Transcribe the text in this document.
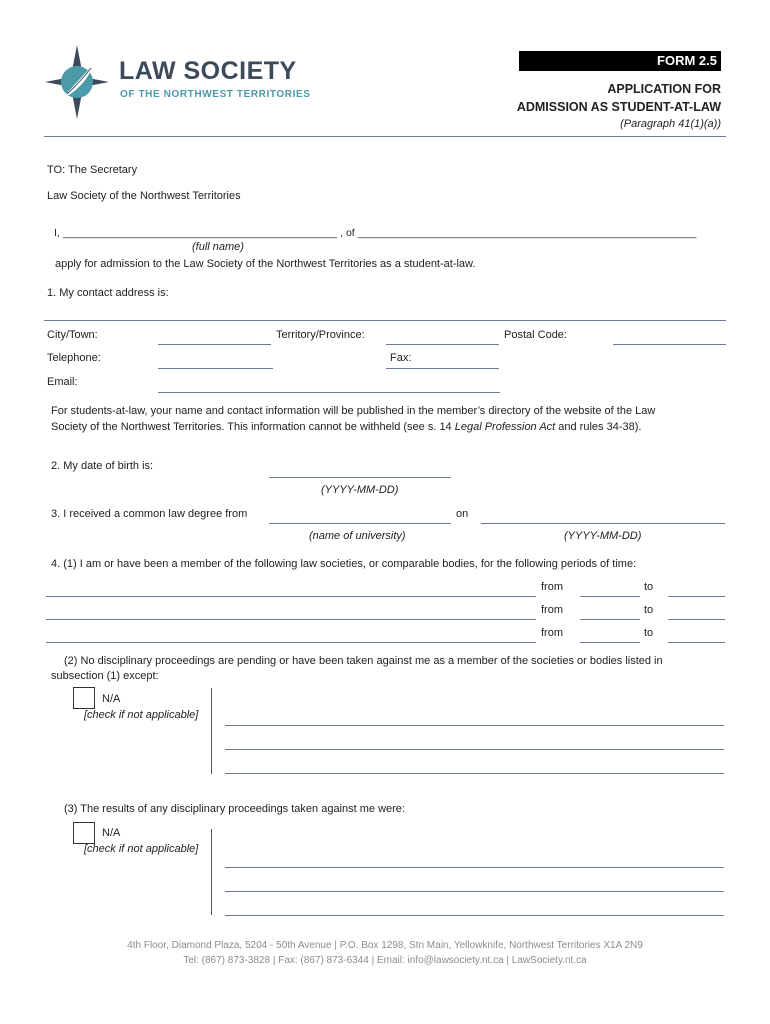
LAW SOCIETY
OF THE NORTHWEST TERRITORIES
FORM 2.5
APPLICATION FOR
ADMISSION AS STUDENT-AT-LAW
(Paragraph 41(1)(a))
TO: The Secretary
Law Society of the Northwest Territories
I, _______________________________________________ , of __________________________________________________________
(full name)
apply for admission to the Law Society of the Northwest Territories as a student-at-law.
1. My contact address is:
City/Town:	Territory/Province:	Postal Code:
Telephone:	Fax:
Email:
For students-at-law, your name and contact information will be published in the member’s directory of the website of the Law
Society of the Northwest Territories. This information cannot be withheld (see s. 14 Legal Profession Act and rules 34-38).
2. My date of birth is:
(YYYY-MM-DD)
3. I received a common law degree from	on
(name of university)	(YYYY-MM-DD)
4. (1) I am or have been a member of the following law societies, or comparable bodies, for the following periods of time:
from	to
from	to
from	to
(2) No disciplinary proceedings are pending or have been taken against me as a member of the societies or bodies listed in
subsection (1) except:
N/A
[check if not applicable]
(3) The results of any disciplinary proceedings taken against me were:
N/A
[check if not applicable]
4th Floor, Diamond Plaza, 5204 - 50th Avenue | P.O. Box 1298, Stn Main, Yellowknife, Northwest Territories X1A 2N9
Tel: (867) 873-3828 | Fax: (867) 873-6344 | Email: info@lawsociety.nt.ca | LawSociety.nt.ca
